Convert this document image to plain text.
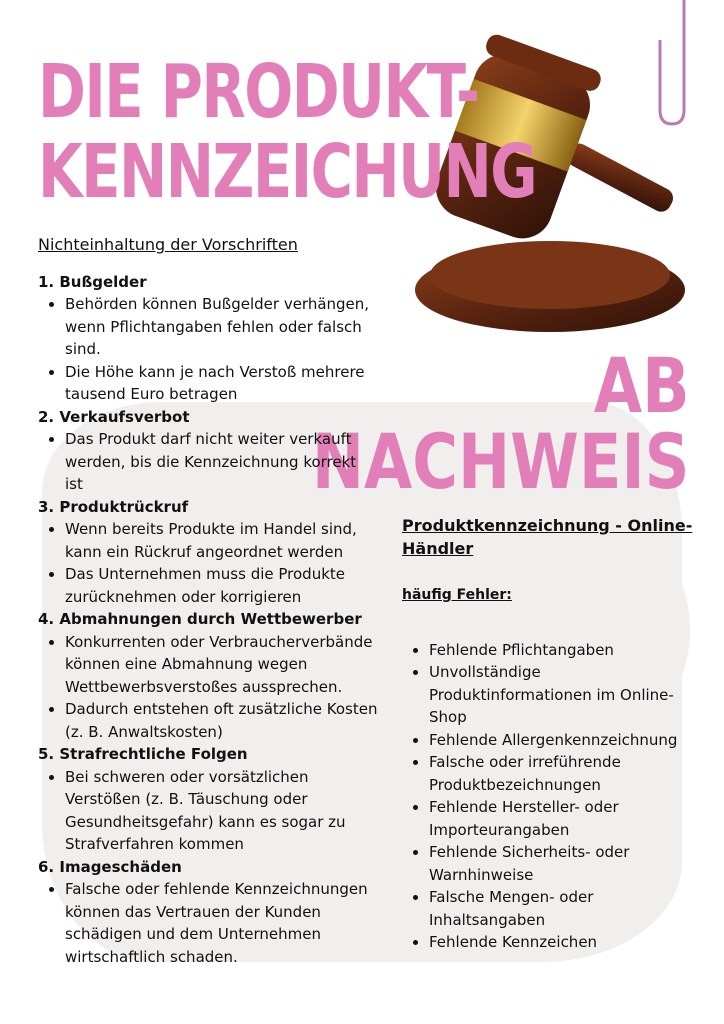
DIE PRODUKT-
KENNZEICHUNG
AB
NACHWEIS

Nichteinhaltung der Vorschriften

1. Bußgelder

• Behörden können Bußgelder verhängen, wenn Pflichtangaben fehlen oder falsch sind.
• Die Höhe kann je nach Verstoß mehrere tausend Euro betragen

2. Verkaufsverbot

• Das Produkt darf nicht weiter verkauft werden, bis die Kennzeichnung korrekt ist

3. Produktrückruf

• Wenn bereits Produkte im Handel sind, kann ein Rückruf angeordnet werden
• Das Unternehmen muss die Produkte zurücknehmen oder korrigieren

4. Abmahnungen durch Wettbewerber

• Konkurrenten oder Verbraucherverbände können eine Abmahnung wegen Wettbewerbsverstoßes aussprechen.
• Dadurch entstehen oft zusätzliche Kosten (z. B. Anwaltskosten)

5. Strafrechtliche Folgen

• Bei schweren oder vorsätzlichen Verstößen (z. B. Täuschung oder Gesundheitsgefahr) kann es sogar zu Strafverfahren kommen

6. Imageschäden

• Falsche oder fehlende Kennzeichnungen können das Vertrauen der Kunden schädigen und dem Unternehmen wirtschaftlich schaden.

Produktkennzeichnung - Online-Händler

häufig Fehler:

• Fehlende Pflichtangaben
• Unvollständige Produktinformationen im Online-Shop
• Fehlende Allergenkennzeichnung
• Falsche oder irreführende Produktbezeichnungen
• Fehlende Hersteller- oder Importeurangaben
• Fehlende Sicherheits- oder Warnhinweise
• Falsche Mengen- oder Inhaltsangaben
• Fehlende Kennzeichen
